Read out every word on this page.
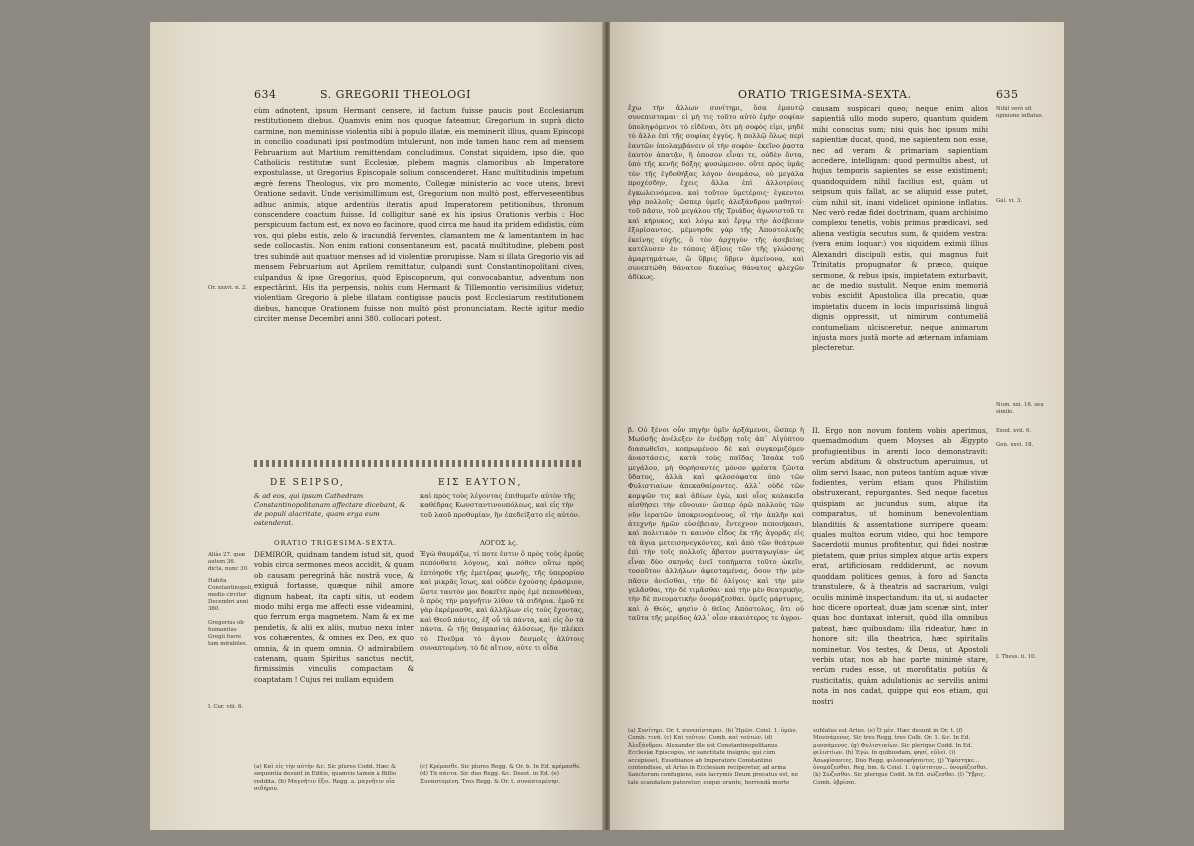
634	S. GREGORII THEOLOGI

cùm adnotent, ipsum Hermant censere, id factum fuisse paucis post Ecclesiarum restitutionem diebus. Quamvis enim nos quoque fateamur, Gregorium in suprà dicto carmine, non meminisse violentia sibi à populo illatæ, eis meminerit illius, quam Episcopi in concilio coadunati ipsi postmodùm intulerunt, non inde tamen hanc rem ad mensem Februarium aut Martium remittendam concludimus. Constat siquidem, ipso die, quo Catholicis restitutæ sunt Ecclesiæ, plebem magnis clamoribus ab Imperatore expostulasse, ut Gregorius Episcopale solium conscenderet. Hanc multitudinis impetum ægrè ferens Theologus, vix pro momento, Collegæ ministerio ac voce utens, brevi Oratione sedavit. Unde verisimillimum est, Gregorium non multò post, efferveseentibus adhuc animis, atque ardentiùs iteratis apud Imperatorem petitionibus, thronum conscendere coactum fuisse. Id colligitur sanè ex his ipsius Orationis verbis : Hoc perspicuum factum est, ex novo eo facinore, quod circa me haud ita pridem edidistis, cùm vos, qui plebs estis, zelo & iracundiâ ferventes, clamantem me & lamentantem in hac sede collocastis. Non enim rationi consentaneum est, pacatâ multitudine, plebem post tres subindè aut quatuor menses ad id violentiæ prorupisse. Nam si illata Gregorio vis ad mensem Februarium aut Aprilem remittatur, culpandi sunt Constantinopolitani cives, culpandus & ipse Gregorius, quòd Episcoporum, qui convocabantur, adventum non expectârint. His ita perpensis, nobis cum Hermant & Tillemontio verisimilius videtur, violentiam Gregorio à plebe illatam contigisse paucis post Ecclesiarum restitutionem diebus, hancque Orationem fuisse non multò pòst pronunciatam. Rectè igitur medio circiter mense Decembri anni 380. collocari potest.

Or. xxxvi. n. 2.
DE SEIPSO,	ΕΙΣ ΕΑΥΤΟΝ,
& ad eos, qui ipsum Cathedram Constantinopolitanam affectare dicebant, & de populi alacritate, quam erga eum ostenderat.
καὶ πρὸς τοὺς λέγοντας ἐπιθυμεῖν αὐτὸν τῆς καθέδρας Κωνσταντινουπόλεως, καὶ εἰς τὴν τοῦ λαοῦ προθυμίαν, ἣν ἐπεδείξατο εἰς αὐτόν.
ORATIO TRIGESIMA-SEXTA.	ΛΟΓΟΣ λϛ.

DEMIROR, quidnam tandem istud sit, quod vobis circa sermones meos accidit, & quam ob causam peregrinâ hâc nostrâ voce, & exiguâ fortasse, quæque nihil amore dignum habeat, ita capti sitis, ut eodem modo mihi erga me affecti esse videamini, quo ferrum erga magnetem. Nam & ex me pendetis, & alii ex aliis, mutuo nexu inter vos cohærentes, & omnes ex Deo, ex quo omnia, & in quem omnia. O admirabilem catenam, quam Spiritus sanctus nectit, firmissimis vinculis compactam & coaptatam ! Cujus rei nullam equidem

Ἐγὼ θαυμάζω, τί ποτε ἐστιν ὃ πρὸς τοὺς ἐμοὺς πεπόνθατε λόγους, καὶ πόθεν οὕτω πρὸς ἐπτόησθε τῆς ἐμετέρας φωνῆς, τῆς ὑπερορίου καὶ μικρᾶς ἴσως, καὶ οὐδὲν ἐχούσης ἐράσμιον, ὥστε ταυτὸν μοι δοκεῖτε πρὸς ἐμὲ πεπονθέναι, ὃ πρὸς τὴν μαγνῆτιν λίθον τὰ σιδήρια. ἐμοῦ τε γὰρ ἐκρέμασθε, καὶ ἀλλήλων εἰς τοὺς ἔχοντας, καὶ Θεοῦ πάντες, ἐξ οὗ τὰ πάντα, καὶ εἰς ὃν τὰ πάντα. ὢ τῆς θαυμασίας ἁλύσεως, ἣν πλέκει τὸ Πνεῦμα τὸ ἅγιον δεσμοῖς ἀλύτοις συναπτομένη. τὸ δὲ αἴτιον, οὐτε τι οἶδα

Aliàs 27. quæ autem 36. dicta, nunc 30.
Habita Constantinopoli, medio circiter Decembri anni 380.
Gregorius ob humanitas Gregii fuere tam mirabiles.
I. Cor. viii. 6.
(a) Καὶ εἰς τὴν αὐτὴν &c. Sic plures Codd. Hæc & sequentia desunt in Editis, quamvis tamen à Billio reddita. (b) Μαγνῆτιν ἕξει. Regg. a. μαγνῆτιν οἷα σιδήρου.
(c) Κρέμασθε. Sic plures Regg. & Or. b. In Ed. κρέμασθε. (d) Τὰ πάντα. Sic duo Regg. &c. Deest. in Ed. (e) Συναπτομένη. Tres Regg. & Or. t. συναπτομένην.
ORATIO TRIGESIMA-SEXTA.	635

ἔχω τὴν ἄλλων συνίτημι, ὅσα ἐμαυτῷ συνεπισταμαι· εἰ μὴ τις τοῦτο αὐτὸ ἐμὴν σοφίαν ὑποληψόμενοι τὸ εἰδέναι, ὅτι μὴ σοφὸς εἰμι, μηδὲ τὸ ἄλλο ἐπὶ τῆς σοφίας ἐγγὺς. ἢ πολλῷ ὅλως περὶ ἑαυτῶν ὑπολαμβάνειν οἱ τὴν σοφὸν· ἐκεῖνο ῥᾳστα ἑαυτὸν ἀπατᾷν, ἢ ὁποσον εἶναι τε, οὐδὲν ὄντα, ὑπὸ τῆς κενῆς δόξης φυσώμενον. οὕτε πρὸς ὑμᾶς τὸν τῆς ἐγδοθήξας λόγον ὀνομάσω, οὐ μεγάλα προχέσδην, ἔχεις ἄλλα ἐπὶ ἀλλοτρίοις ἐγκωλεινόμενα. καὶ τοῦτον ὑμετέροις· ἐγκεντοι γὰρ πολλοῖς· ὥσπερ ὑμεῖς ἀλεξάνδρου μαθητοί· τοῦ πᾶσιν, τοῦ μεγάλου τῆς Τριάδος ἀγωνιστοῦ τε καὶ κήρυκος, καὶ λόγῳ καὶ ἔργῳ τὴν ἀσέβειαν ἐξορίσαντος. μέμνησθε γὰρ τῆς Ἀποστολικῆς ἐκείνης εὐχῆς, ὃ τὸν ἀρχηγὸν τῆς ἀσεβείας κατέλυσεν ἐν τόποις ἀξίοις τῶν τῆς γλώσσης ἁμαρτημάτων, ὥ ὕβρις ὕβριν ἀμείνονα, καὶ συνεπτώθη θάνατον δικαίως θάνατος φλεχῶν ἀδίκως.

causam suspicari queo; neque enim alios sapientiâ ullo modo supero, quantum quidem mihi conscius sum; nisi quis hoc ipsum mihi sapientiæ ducat, quod, me sapientem non esse, nec ad veram & primariam sapientiam accedere, intelligam: quod permultis abest, ut hujus temporis sapientes se esse existiment; quandoquidem nihil facilius est, quàm ut seipsum quis fallat, ac se aliquid esse putet, cùm nihil sit, inani videlicet opinione inflatus. Nec verò redæ fidei doctrinam, quam archisimo complexu tenetis, vobis primus prædicavi, sed aliena vestigia secutus sum, & quidem vestra: (vera enim loquar:) vos siquidem eximii illius Alexandri discipuli estis, qui magnus fuit Trinitatis propugnator & præco, quique sermone, & rebus ipsis, impietatem exturbavit, ac de medio sustulit. Neque enim memoriâ vobis excidit Apostolica illa precatio, quæ impietatis ducem in locis impurissimâ linguâ dignis oppressit, ut nimirum contumeliâ contumeliam ulcisceretur, neque animarum injusta mors justâ morte ad æternam infamiam plecteretur.

β. Οὐ ξένοι οὖν πηγὴν ὑμῖν ἀρξάμενοι, ὥσπερ ἡ Μωϋσῆς ἀνέλεξεν ἐν ἐνέδρῃ τοῖς ἀπ᾿ Αἰγύπτου διασωθεῖσι, κοπρωμένου δὲ καὶ συγκομιζόμεν ἀναστάσεις, κατὰ τοὺς παῖδας Ἰσαὰκ τοῦ μεγάλου, μὴ θορήσαντες μόνον φρέατα ζῶντα ὕδατος, ἀλλὰ καὶ φιλοσόφατα ὑπὸ τῶν Φυλιστιαίων ἀπεκαθαίροντες. ἀλλ᾿ οὐδὲ τῶν κομψῶν τις καὶ ἀδίων ἐγὼ, καὶ οἷος κολακεῖα αἰσθήσει τὴν εὔνοιαν· ὥσπερ ὁρῶ πολλοὺς τῶν νῦν ἱερατῶν ὑποκρινομένους, οἳ τὴν ἁπλῆν καὶ ἀτεχνὴν ἡμῶν εὐσέβειαν, ἔντεχνον πεποιήκασι, καὶ πολιτικόν τι καινὸν εἶδος ἐκ τῆς ἀγορᾶς εἰς τὰ ἅγια μετεισηνεγκόντες, καὶ ἀπὸ τῶν θεάτρων ἐπὶ τὴν τοῖς πολλοῖς ἄβατον μυσταγωγίαν· ὡς εἶναι δύο σκηνὰς ἐνεῖ τοπήματα τοῦτο ὠκεῖν, τοσοῦτον ἀλλήλων ἀφεσταμένας, ὅσον τὴν μὲν πᾶσιν ἀνεῖσθαι, τὴν δὲ ὀλίγοις· καὶ τὴν μὲν γελᾶσθαι, τὴν δὲ τιμᾶσθαι· καὶ τὴν μὲν θεατρικὴν, τὴν δὲ πνευματικὴν ὀνομάζεσθαι. ὑμεῖς μάρτυρες, καὶ ὁ Θεὸς, φησὶν ὁ θεῖος Ἀπόστολος, ὅτι οὐ ταῦτα τῆς μερίδος ἀλλ᾿ οἶον σκαιότερος τε ἀγροι-

II. Ergo non novum fontem vobis aperimus, quemadmodum quem Moyses ab Ægypto profugientibus in arenti loco demonstravit: verùm abditum & obstructum aperuimus, ut olim servi Isaac, non puteos tantùm aquæ vivæ fodientes, verùm etiam quos Philistiim obstruxerant, repurgantes. Sed neque facetus quispiam ac jucundus sum, atque ita comparatus, ut hominum benevolentiam blanditiis & assentatione surripere queam: quales multos eorum video, qui hoc tempore Sacerdotii munus profitentur, qui fidei nostræ pietatem, quæ prius simplex atque artis expers erat, artificiosam reddiderunt, ac novum quoddam politices genus, à foro ad Sancta transtulere, & à theatris ad sacrarium, vulgi oculis minimè inspectandum: ita ut, si audacter hoc dicere oporteat, duæ jam scenæ sint, inter quas hoc duntaxat intersit, quòd illa omnibus pateat, hæc quibusdam: illa rideatur, hæc in honore sit: illa theatrica, hæc spiritalis nominetur. Vos testes, & Deus, ut Apostoli verbis utar, nos ab hac parte minimè stare, verùm rudes esse, ut morofitatis potiùs & rusticitatis, quàm adulationis ac servilis animi nota in nos cadat, quippe qui eos etiam, qui nostri

Nihil verò sit opinione inflatus.
Gal. vi. 3.
Num. xxi. 16. seu simile.
Exod. xvii. 6.
Gen. xxvi. 18.
I. Thess. ii. 10.
(a) Συνίτημι. Or. t. συνεπίσταμαι. (b) Ἡμῶν. Coisl. 1. ὑμῶν. Comb. τινά. (c) Καὶ τοῦτον. Comb. καὶ τούτων. (d) Ἀλεξάνδρου. Alexander ille est Constantinopolitanus Ecclesiæ Episcopus, vir sanctitate insignis; qui cùm accepisset, Eusebianos ab Imperatore Constantino contendisse, ut Arius in Ecclesiam reciperetur, ad arma Sanctorum confugiens, suis lacrymis Deum precatus est, ne tale scandalum pateretur; eoque orante, horrendâ morte sublatus est Arius. (e) Ὁ μὲν. Hæc desunt in Or. t. (f) Μονσάμενος. Sic tres Regg. tres Colb. Or. 1. &c. In Ed. μονσάμενος. (g) Φυλιστιαίων. Sic plerique Codd. In Ed. φιλιστίων. (h) Ἐγὼ. In quibusdam, φησί, εὐλεὶ. (i) Ἀπωφίσαντες. Duo Regg. φιλοσοφήσαντες. (j) Ὑφέστηκε... ὀνομάζεσθαι. Reg. bm. & Coisl. 1. ὑψίστατον... ὀνομάζεσθαι. (k) Σώζεσθαι. Sic plerique Codd. In Ed. σώζεσθαι. (l) Ὕβρις. Comb. ὑβρίσαι.
